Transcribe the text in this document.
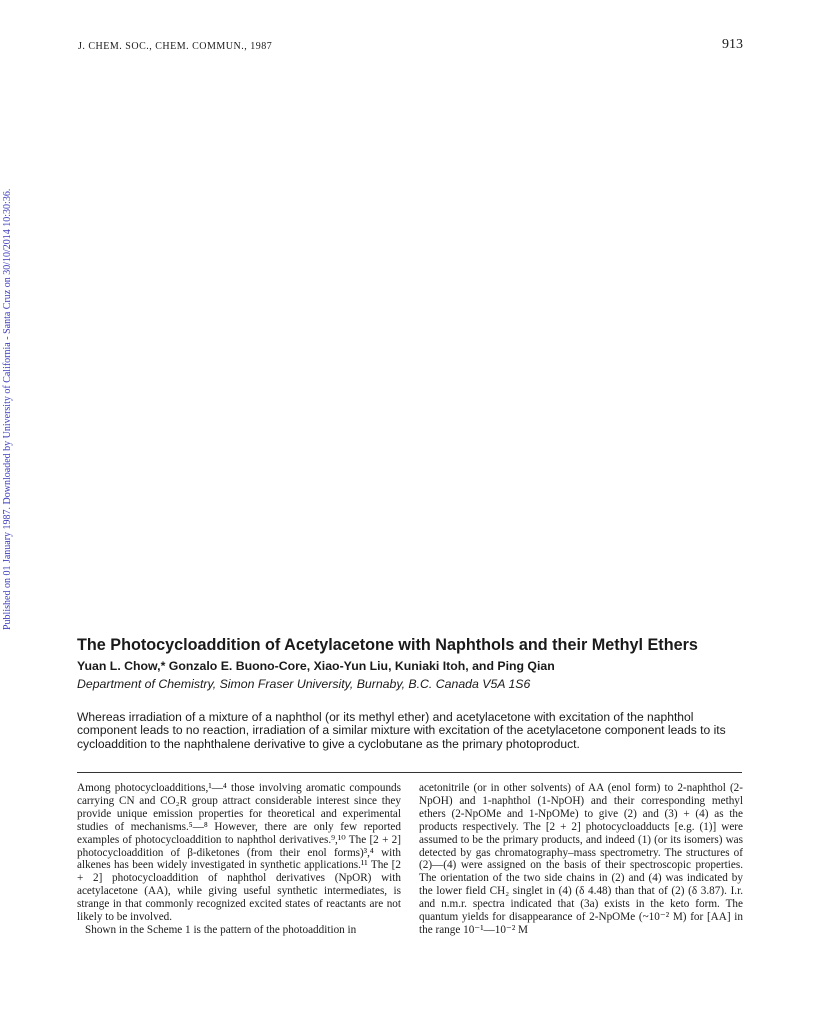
J. CHEM. SOC., CHEM. COMMUN., 1987	913
Published on 01 January 1987. Downloaded by University of California - Santa Cruz on 30/10/2014 10:30:36.
The Photocycloaddition of Acetylacetone with Naphthols and their Methyl Ethers
Yuan L. Chow,* Gonzalo E. Buono-Core, Xiao-Yun Liu, Kuniaki Itoh, and Ping Qian
Department of Chemistry, Simon Fraser University, Burnaby, B.C. Canada V5A 1S6
Whereas irradiation of a mixture of a naphthol (or its methyl ether) and acetylacetone with excitation of the naphthol component leads to no reaction, irradiation of a similar mixture with excitation of the acetylacetone component leads to its cycloaddition to the naphthalene derivative to give a cyclobutane as the primary photoproduct.

Among photocycloadditions,¹—⁴ those involving aromatic compounds carrying CN and CO₂R group attract considerable interest since they provide unique emission properties for theoretical and experimental studies of mechanisms.⁵—⁸ However, there are only few reported examples of photocycloaddition to naphthol derivatives.⁹,¹⁰ The [2 + 2] photocycloaddition of β-diketones (from their enol forms)³,⁴ with alkenes has been widely investigated in synthetic applications.¹¹ The [2 + 2] photocycloaddition of naphthol derivatives (NpOR) with acetylacetone (AA), while giving useful synthetic intermediates, is strange in that commonly recognized excited states of reactants are not likely to be involved.

Shown in the Scheme 1 is the pattern of the photoaddition in

acetonitrile (or in other solvents) of AA (enol form) to 2-naphthol (2-NpOH) and 1-naphthol (1-NpOH) and their corresponding methyl ethers (2-NpOMe and 1-NpOMe) to give (2) and (3) + (4) as the products respectively. The [2 + 2] photocycloadducts [e.g. (1)] were assumed to be the primary products, and indeed (1) (or its isomers) was detected by gas chromatography–mass spectrometry. The structures of (2)—(4) were assigned on the basis of their spectroscopic properties. The orientation of the two side chains in (2) and (4) was indicated by the lower field CH₂ singlet in (4) (δ 4.48) than that of (2) (δ 3.87). I.r. and n.m.r. spectra indicated that (3a) exists in the keto form. The quantum yields for disappearance of 2-NpOMe (~10⁻² M) for [AA] in the range 10⁻¹—10⁻² M
